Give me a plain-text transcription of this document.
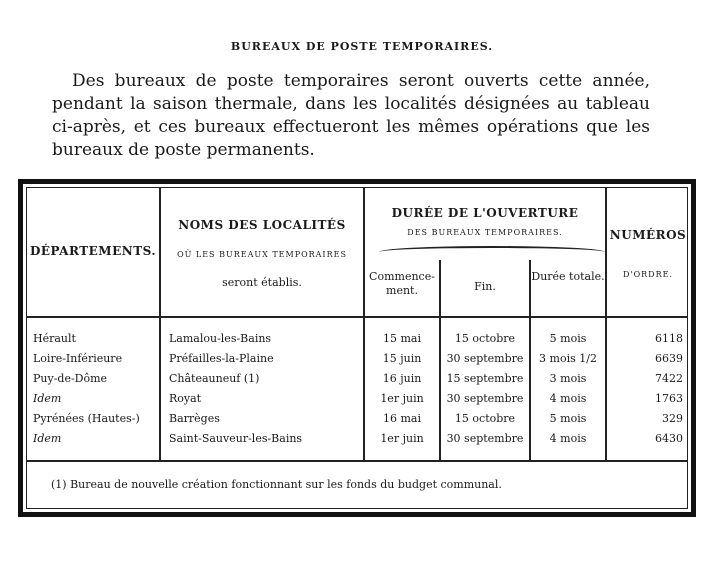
BUREAUX DE POSTE TEMPORAIRES.
Des bureaux de poste temporaires seront ouverts cette année, pendant la saison thermale, dans les localités désignées au tableau ci-après, et ces bureaux effectueront les mêmes opérations que les bureaux de poste permanents.
DÉPARTEMENTS.
NOMS DES LOCALITÉS
OÙ LES BUREAUX TEMPORAIRES
seront établis.
DURÉE DE L'OUVERTURE
DES BUREAUX TEMPORAIRES.
Commence-ment.	Fin.
Durée totale.
NUMÉROS
D'ORDRE.
Hérault	Lamalou-les-Bains	15 mai	15 octobre	5 mois	6118
Loire-Inférieure	Préfailles-la-Plaine	15 juin	30 septembre	3 mois 1/2	6639
Puy-de-Dôme	Châteauneuf (1)	16 juin	15 septembre	3 mois	7422
Idem	Royat	1er juin	30 septembre	4 mois	1763
Pyrénées (Hautes-)	Barrèges	16 mai	15 octobre	5 mois	329
Idem	Saint-Sauveur-les-Bains	1er juin	30 septembre	4 mois	6430
(1) Bureau de nouvelle création fonctionnant sur les fonds du budget communal.
